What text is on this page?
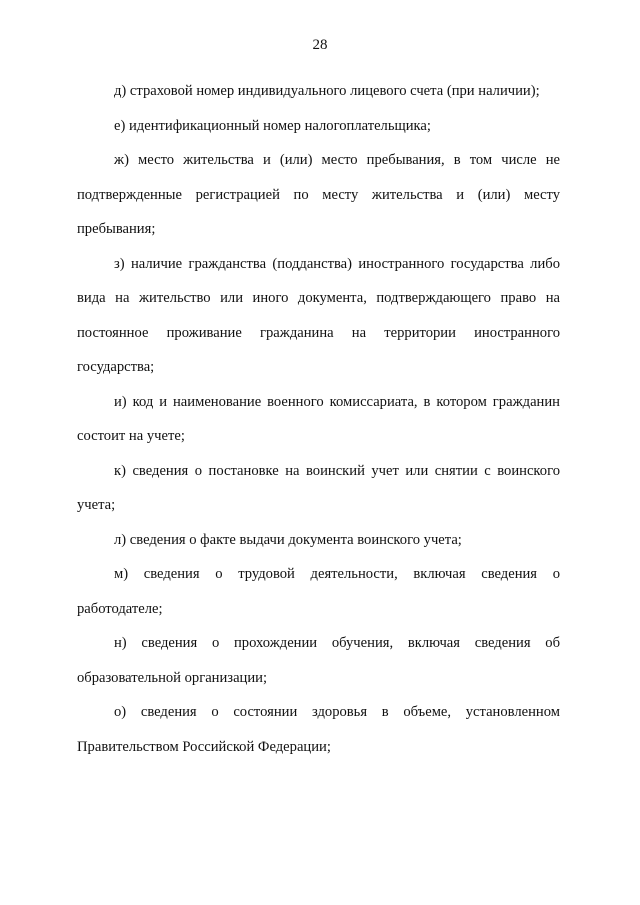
28

д) страховой номер индивидуального лицевого счета (при наличии);

е) идентификационный номер налогоплательщика;

ж) место жительства и (или) место пребывания, в том числе не подтвержденные регистрацией по месту жительства и (или) месту пребывания;

з) наличие гражданства (подданства) иностранного государства либо вида на жительство или иного документа, подтверждающего право на постоянное проживание гражданина на территории иностранного государства;

и) код и наименование военного комиссариата, в котором гражданин состоит на учете;

к) сведения о постановке на воинский учет или снятии с воинского учета;

л) сведения о факте выдачи документа воинского учета;

м) сведения о трудовой деятельности, включая сведения о работодателе;

н) сведения о прохождении обучения, включая сведения об образовательной организации;

о) сведения о состоянии здоровья в объеме, установленном Правительством Российской Федерации;
